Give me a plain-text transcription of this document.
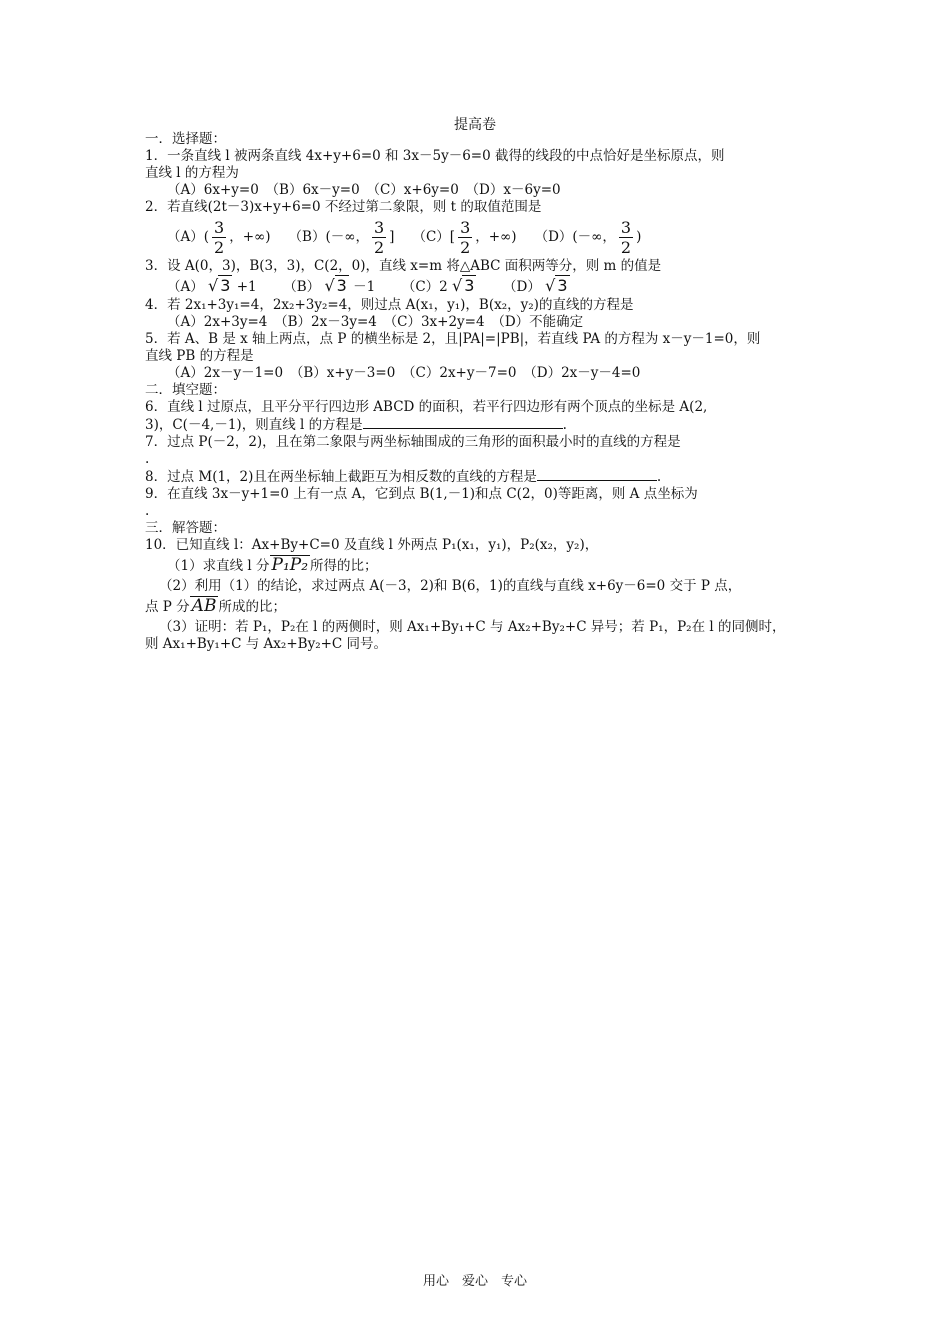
提高卷
一．选择题：
1．一条直线 l 被两条直线 4x+y+6=0 和 3x－5y－6=0 截得的线段的中点恰好是坐标原点，则
直线 l 的方程为
（A）6x+y=0　（B）6x－y=0　（C）x+6y=0　（D）x－6y=0
2．若直线(2t－3)x+y+6=0 不经过第二象限，则 t 的取值范围是
$(A)( \frac{3}{2}$ ，+∞) （B）(－∞， $\frac{3}{2}$ ] $(C)[ \frac{3}{2}$ ，+∞) （D）(－∞， $\frac{3}{2}$ )
3．设 A(0，3)，B(3，3)，C(2，0)，直线 x=m 将△ABC 面积两等分，则 m 的值是
（A） √ 3 +1 （B） √ 3 －1 （C）2 √ 3 （D） √ 3
4．若 2x₁+3y₁=4，2x₂+3y₂=4，则过点 A(x₁，y₁)，B(x₂，y₂)的直线的方程是
（A）2x+3y=4　（B）2x－3y=4　（C）3x+2y=4　（D）不能确定
5．若 A、B 是 x 轴上两点，点 P 的横坐标是 2，且|PA|=|PB|，若直线 PA 的方程为 x－y－1=0，则
直线 PB 的方程是
（A）2x－y－1=0　（B）x+y－3=0　（C）2x+y－7=0　（D）2x－y－4=0
二．填空题：
6．直线 l 过原点，且平分平行四边形 ABCD 的面积，若平行四边形有两个顶点的坐标是 A(2,
3)，C(－4,－1)，则直线 l 的方程是	.
7．过点 P(－2，2)，且在第二象限与两坐标轴围成的三角形的面积最小时的直线的方程是
.
8．过点 M(1，2)且在两坐标轴上截距互为相反数的直线的方程是	.
9．在直线 3x－y+1=0 上有一点 A，它到点 B(1,－1)和点 C(2，0)等距离，则 A 点坐标为
.
三．解答题：
10．已知直线 l：Ax+By+C=0 及直线 l 外两点 P₁(x₁，y₁)，P₂(x₂，y₂)，
（1）求直线 l 分 P₁P₂ 所得的比；
（2）利用（1）的结论，求过两点 A(－3，2)和 B(6，1)的直线与直线 x+6y－6=0 交于 P 点，
点 P 分 AB 所成的比；
（3）证明：若 P₁，P₂在 l 的两侧时，则 Ax₁+By₁+C 与 Ax₂+By₂+C 异号；若 P₁，P₂在 l 的同侧时，
则 Ax₁+By₁+C 与 Ax₂+By₂+C 同号。
用心　爱心　专心
